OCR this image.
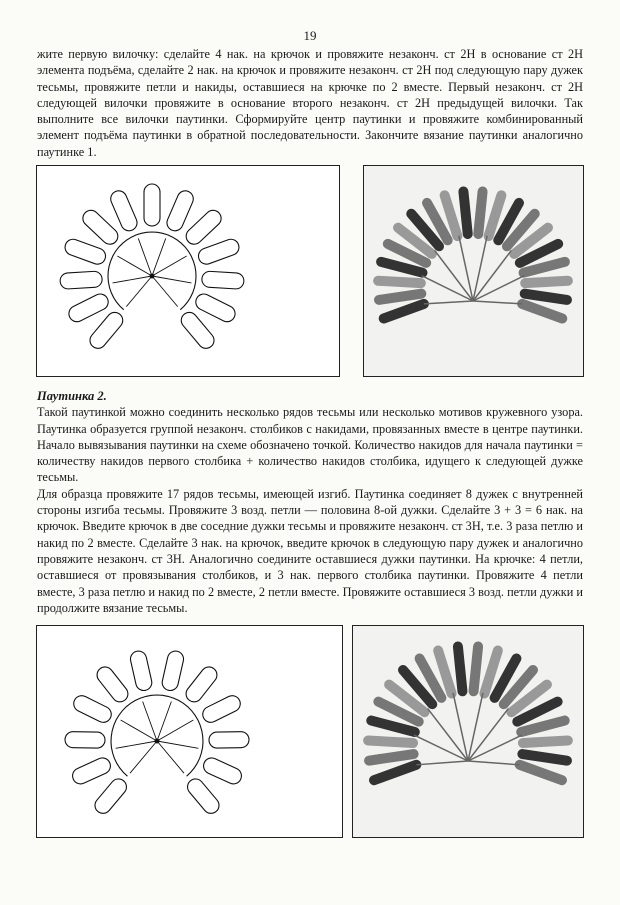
19

жите первую вилочку: сделайте 4 нак. на крючок и провяжите незаконч. ст 2Н в основание ст 2Н элемента подъёма, сделайте 2 нак. на крючок и провяжите незаконч. ст 2Н под следующую пару дужек тесьмы, провяжите петли и накиды, оставшиеся на крючке по 2 вместе. Первый незаконч. ст 2Н следующей вилочки провяжите в основание второго незаконч. ст 2Н предыдущей вилочки. Так выполните все вилочки паутинки. Сформируйте центр паутинки и провяжите комбинированный элемент подъёма паутинки в обратной последовательности. Закончите вязание паутинки аналогично паутинке 1.

Паутинка 2.

Такой паутинкой можно соединить несколько рядов тесьмы или несколько мотивов кружевного узора. Паутинка образуется группой незаконч. столбиков с накидами, провязанных вместе в центре паутинки. Начало вывязывания паутинки на схеме обозначено точкой. Количество накидов для начала паутинки = количеству накидов первого столбика + количество накидов столбика, идущего к следующей дужке тесьмы.

Для образца провяжите 17 рядов тесьмы, имеющей изгиб. Паутинка соединяет 8 дужек с внутренней стороны изгиба тесьмы. Провяжите 3 возд. петли — половина 8-ой дужки. Сделайте 3 + 3 = 6 нак. на крючок. Введите крючок в две соседние дужки тесьмы и провяжите незаконч. ст 3Н, т.е. 3 раза петлю и накид по 2 вместе. Сделайте 3 нак. на крючок, введите крючок в следующую пару дужек и аналогично провяжите незаконч. ст 3Н. Аналогично соедините оставшиеся дужки паутинки. На крючке: 4 петли, оставшиеся от провязывания столбиков, и 3 нак. первого столбика паутинки. Провяжите 4 петли вместе, 3 раза петлю и накид по 2 вместе, 2 петли вместе. Провяжите оставшиеся 3 возд. петли дужки и продолжите вязание тесьмы.
